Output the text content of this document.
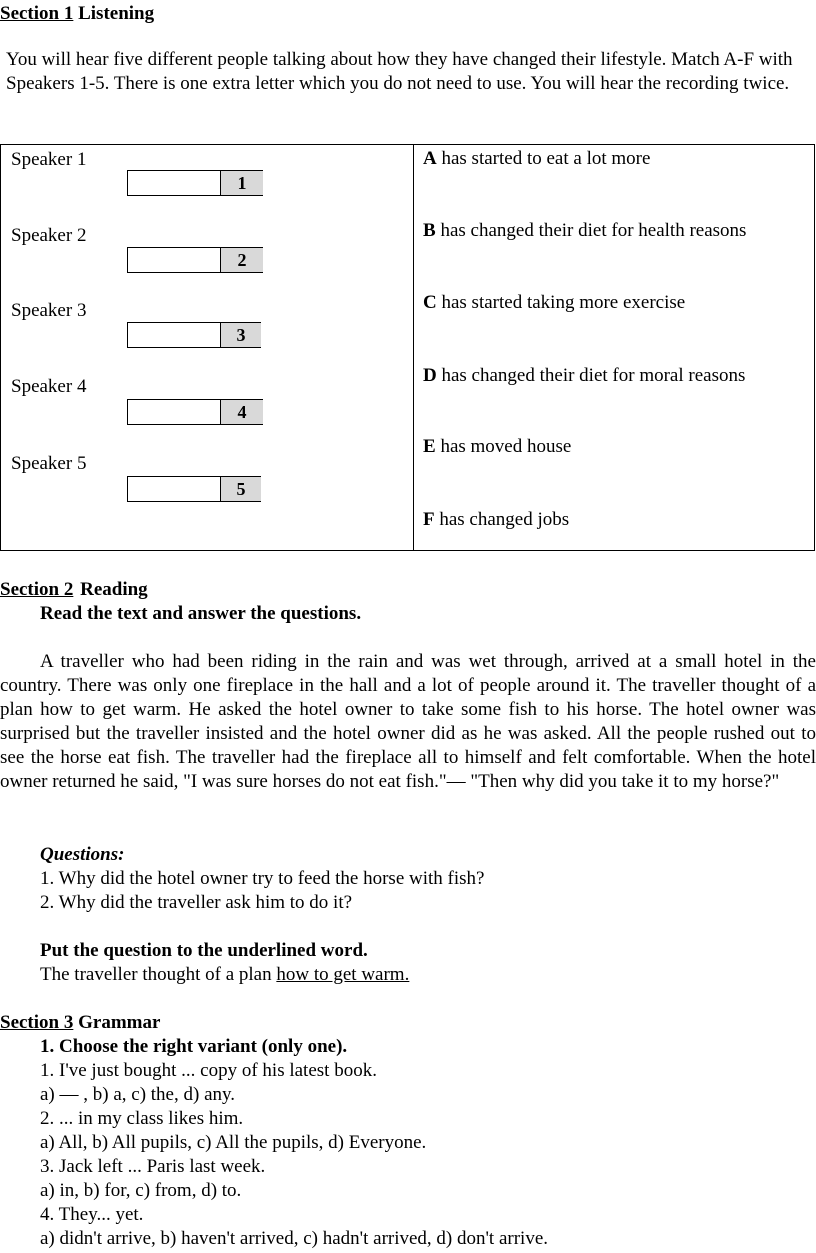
Section 1 Listening
You will hear five different people talking about how they have changed their lifestyle. Match A-F with Speakers 1-5. There is one extra letter which you do not need to use. You will hear the recording twice.
Speaker 1
1
Speaker 2
2
Speaker 3
3
Speaker 4
4
Speaker 5
5
A has started to eat a lot more
B has changed their diet for health reasons
C has started taking more exercise
D has changed their diet for moral reasons
E has moved house
F has changed jobs
Section 2 Reading
Read the text and answer the questions.
A traveller who had been riding in the rain and was wet through, arrived at a small hotel in the country. There was only one fireplace in the hall and a lot of people around it. The traveller thought of a plan how to get warm. He asked the hotel owner to take some fish to his horse. The hotel owner was surprised but the traveller insisted and the hotel owner did as he was asked. All the people rushed out to see the horse eat fish. The traveller had the fireplace all to himself and felt comfortable. When the hotel owner returned he said, "I was sure horses do not eat fish."— "Then why did you take it to my horse?"
Questions:
1. Why did the hotel owner try to feed the horse with fish?
2. Why did the traveller ask him to do it?
Put the question to the underlined word.
The traveller thought of a plan how to get warm.
Section 3 Grammar
1. Choose the right variant (only one).
1. I've just bought ... copy of his latest book.
a) — , b) a, c) the, d) any.
2. ... in my class likes him.
a) All, b) All pupils, c) All the pupils, d) Everyone.
3. Jack left ... Paris last week.
a) in, b) for, c) from, d) to.
4. They... yet.
a) didn't arrive, b) haven't arrived, c) hadn't arrived, d) don't arrive.
